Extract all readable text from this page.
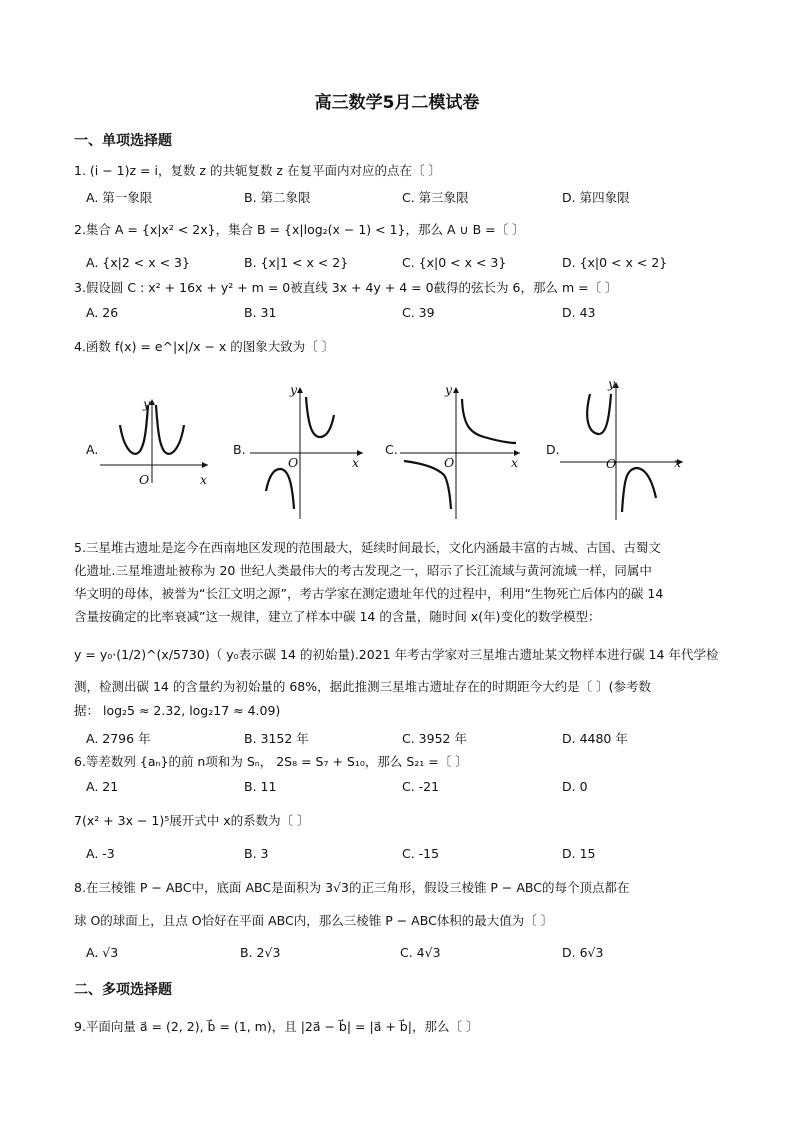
高三数学5月二模试卷
一、单项选择题
1. (i − 1)z = i，复数 z 的共轭复数 z 在复平面内对应的点在〔 〕
A. 第一象限	B. 第二象限	C. 第三象限	D. 第四象限
2.集合 A = {x|x² < 2x}，集合 B = {x|log₂(x − 1) < 1}，那么 A ∪ B =〔 〕
A. {x|2 < x < 3}	B. {x|1 < x < 2}	C. {x|0 < x < 3}	D. {x|0 < x < 2}
3.假设圆 C : x² + 16x + y² + m = 0被直线 3x + 4y + 4 = 0截得的弦长为 6，那么 m =〔 〕
A. 26	B. 31	C. 39	D. 43
4.函数 f(x) = e^|x|/x − x 的图象大致为〔 〕
A.
y
x
O
B.
y
x
O
C.
y
x
O
D.
y
x
O
5.三星堆古遗址是迄今在西南地区发现的范围最大，延续时间最长，文化内涵最丰富的古城、古国、古蜀文
化遗址.三星堆遗址被称为 20 世纪人类最伟大的考古发现之一，昭示了长江流域与黄河流域一样，同属中
华文明的母体，被誉为“长江文明之源”，考古学家在测定遗址年代的过程中，利用“生物死亡后体内的碳 14
含量按确定的比率衰减”这一规律，建立了样本中碳 14 的含量，随时间 x(年)变化的数学模型：
y = y₀·(1/2)^(x/5730)（ y₀表示碳 14 的初始量).2021 年考古学家对三星堆古遗址某文物样本进行碳 14 年代学检
测，检测出碳 14 的含量约为初始量的 68%，据此推测三星堆古遗址存在的时期距今大约是〔 〕(参考数
据： log₂5 ≈ 2.32, log₂17 ≈ 4.09)
A. 2796 年	B. 3152 年	C. 3952 年	D. 4480 年
6.等差数列 {aₙ}的前 n项和为 Sₙ， 2S₈ = S₇ + S₁₀，那么 S₂₁ =〔 〕
A. 21	B. 11	C. -21	D. 0
7(x² + 3x − 1)⁵展开式中 x的系数为〔 〕
A. -3	B. 3	C. -15	D. 15
8.在三棱锥 P − ABC中，底面 ABC是面积为 3√3的正三角形，假设三棱锥 P − ABC的每个顶点都在
球 O的球面上，且点 O恰好在平面 ABC内，那么三棱锥 P − ABC体积的最大值为〔 〕
A. √3	B. 2√3	C. 4√3	D. 6√3
二、多项选择题
9.平面向量 a⃗ = (2, 2), b⃗ = (1, m)，且 |2a⃗ − b⃗| = |a⃗ + b⃗|，那么〔 〕
